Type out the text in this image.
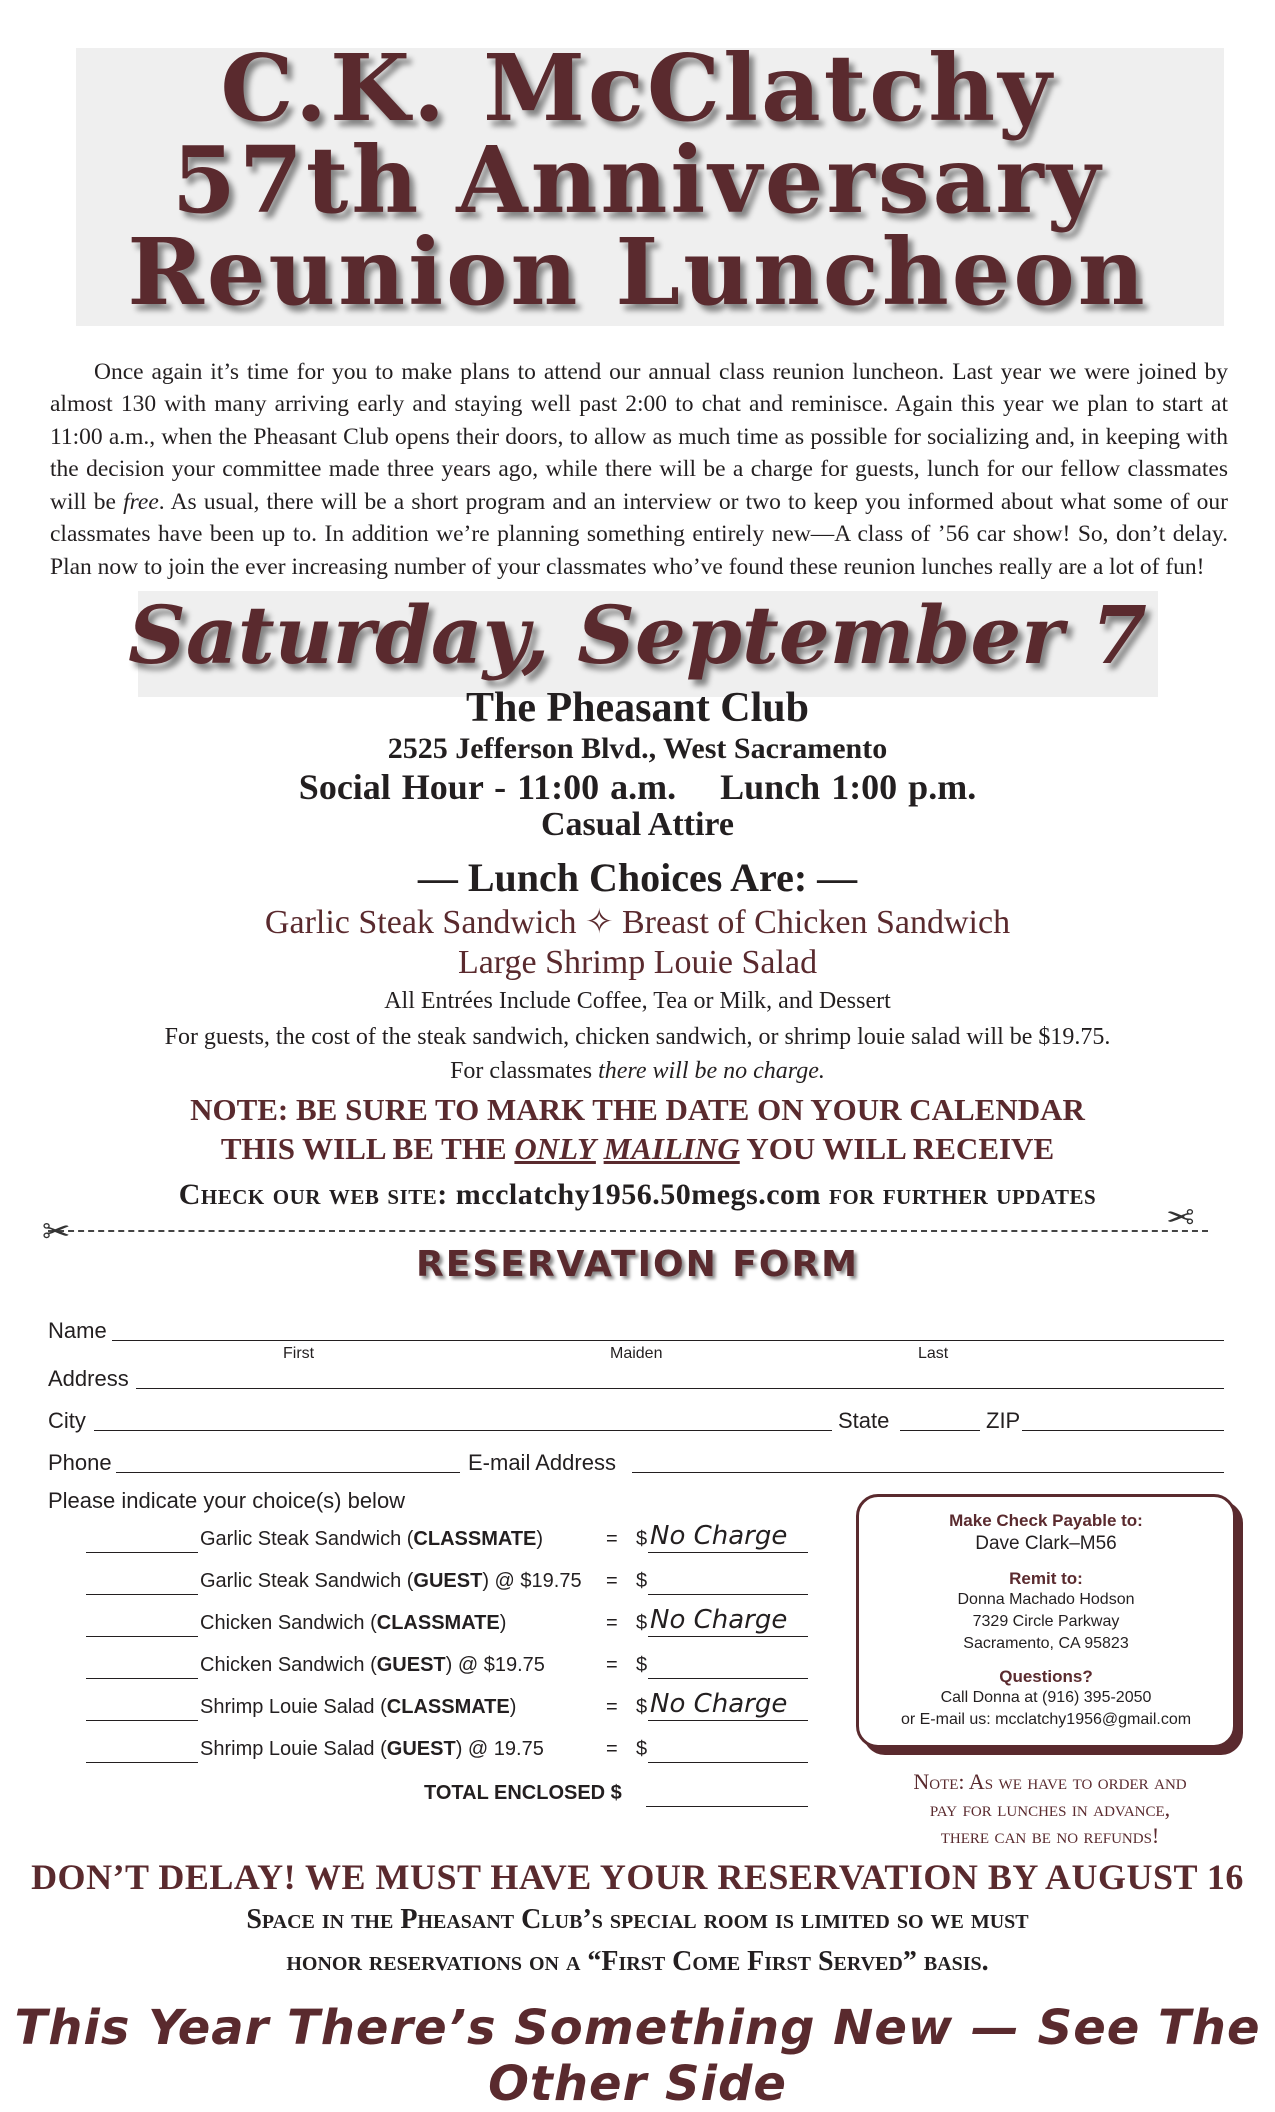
C.K. McClatchy
57th Anniversary
Reunion Luncheon

Once again it’s time for you to make plans to attend our annual class reunion luncheon. Last year we were joined by almost 130 with many arriving early and staying well past 2:00 to chat and reminisce. Again this year we plan to start at 11:00 a.m., when the Pheasant Club opens their doors, to allow as much time as possible for socializing and, in keeping with the decision your committee made three years ago, while there will be a charge for guests, lunch for our fellow classmates will be free. As usual, there will be a short program and an interview or two to keep you informed about what some of our classmates have been up to. In addition we’re planning something entirely new—A class of ’56 car show! So, don’t delay. Plan now to join the ever increasing number of your classmates who’ve found these reunion lunches really are a lot of fun!

Saturday, September 7
The Pheasant Club
2525 Jefferson Blvd., West Sacramento
Social Hour - 11:00 a.m. Lunch 1:00 p.m.
Casual Attire
— Lunch Choices Are: —
Garlic Steak Sandwich ✧ Breast of Chicken Sandwich
Large Shrimp Louie Salad
All Entrées Include Coffee, Tea or Milk, and Dessert
For guests, the cost of the steak sandwich, chicken sandwich, or shrimp louie salad will be $19.75.
For classmates there will be no charge.
NOTE: BE SURE TO MARK THE DATE ON YOUR CALENDAR
THIS WILL BE THE ONLY MAILING YOU WILL RECEIVE
Check our web site: mcclatchy1956.50megs.com for further updates
✂	✂
RESERVATION FORM
Name
First	Maiden	Last
Address
City	State	ZIP
Phone	E-mail Address
Please indicate your choice(s) below
Garlic Steak Sandwich (CLASSMATE)	= $ No Charge
Garlic Steak Sandwich (GUEST) @ $19.75 = $
Chicken Sandwich (CLASSMATE)	= $ No Charge
Chicken Sandwich (GUEST) @ $19.75	= $
Shrimp Louie Salad (CLASSMATE)	= $ No Charge
Shrimp Louie Salad (GUEST) @ 19.75	= $
TOTAL ENCLOSED $
Make Check Payable to:
Dave Clark–M56
Remit to:
Donna Machado Hodson
7329 Circle Parkway
Sacramento, CA 95823
Questions?
Call Donna at (916) 395-2050
or E-mail us: mcclatchy1956@gmail.com
Note: As we have to order and
pay for lunches in advance,
there can be no refunds!
DON’T DELAY! WE MUST HAVE YOUR RESERVATION BY AUGUST 16
Space in the Pheasant Club’s special room is limited so we must
honor reservations on a “First Come First Served” basis.
This Year There’s Something New — See The Other Side
